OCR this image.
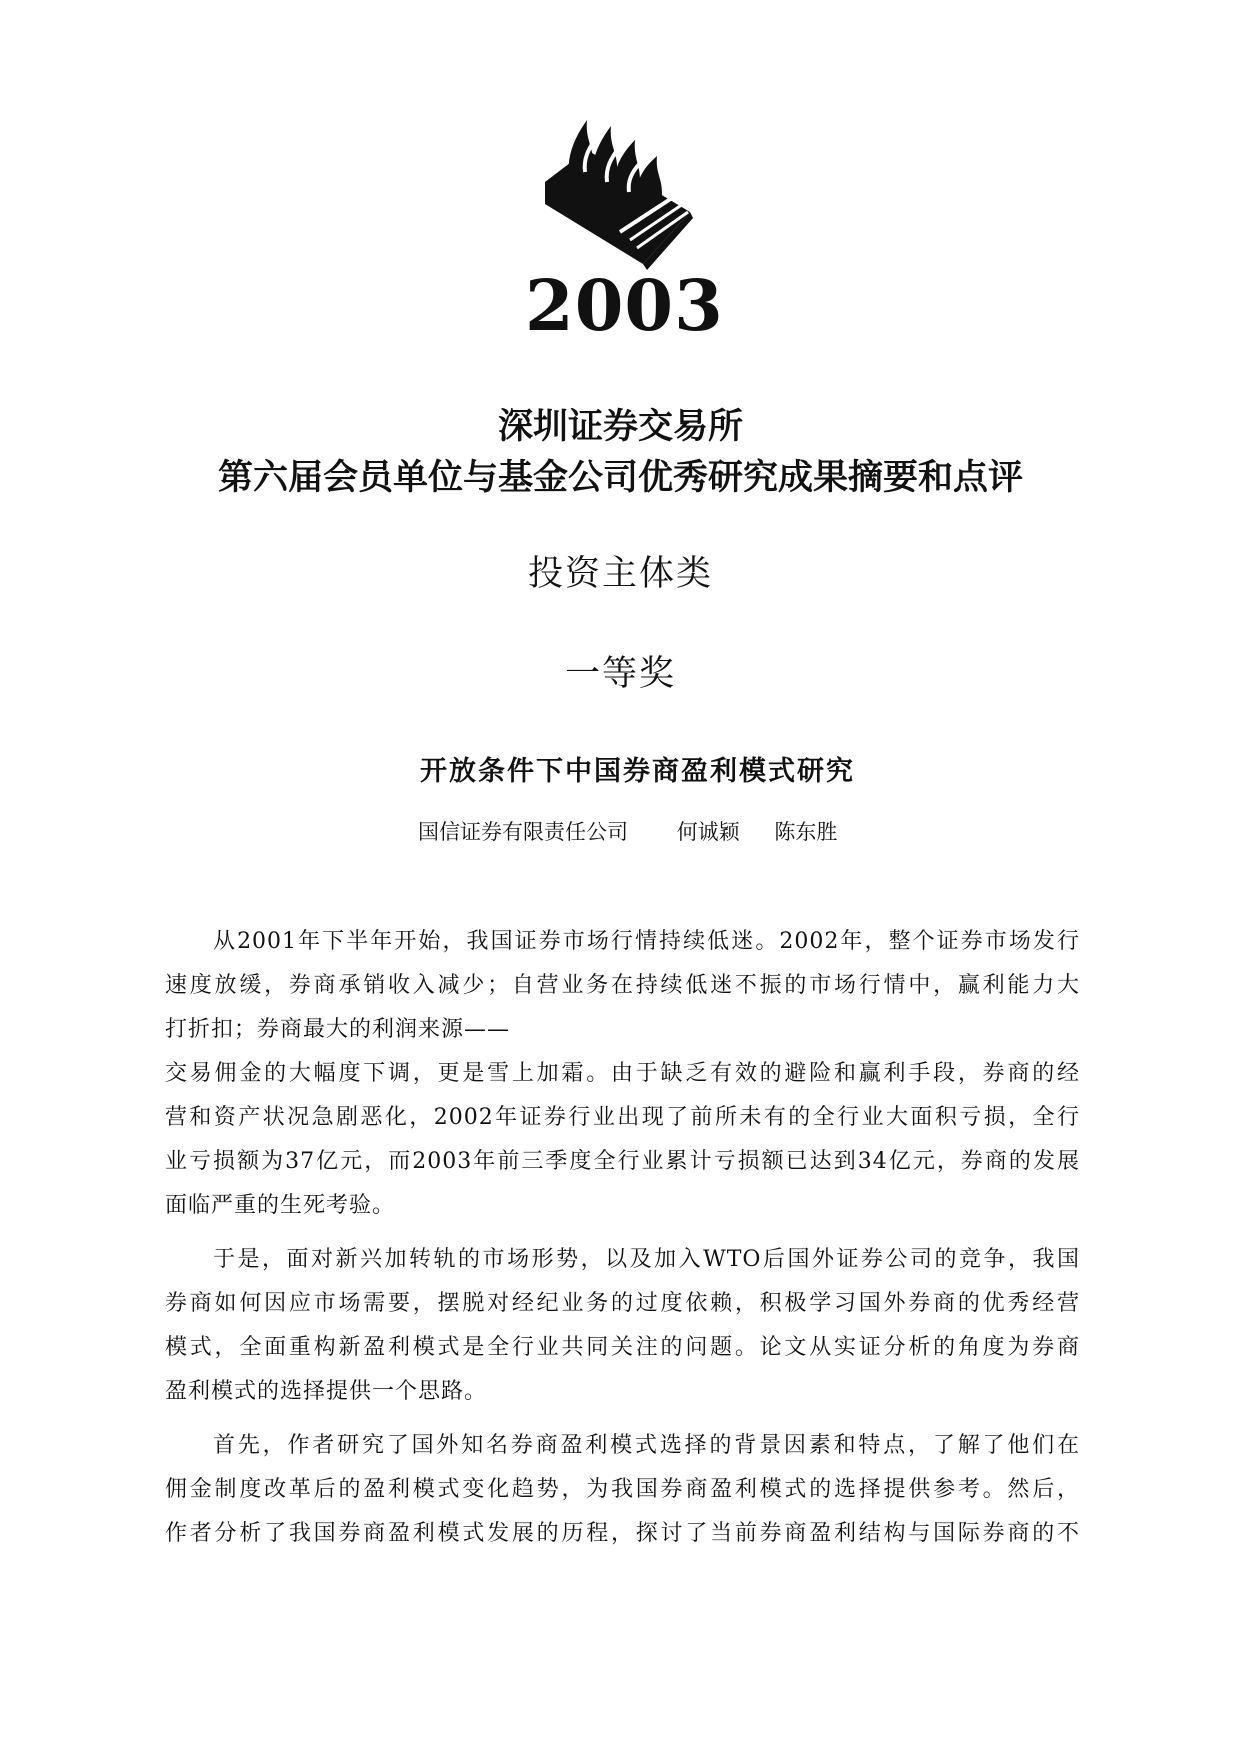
2003
深圳证券交易所
第六届会员单位与基金公司优秀研究成果摘要和点评
投资主体类
一等奖
开放条件下中国券商盈利模式研究
国信证券有限责任公司 何诚颖 陈东胜
从2001年下半年开始，我国证券市场行情持续低迷。2002年，整个证券市场发行
速度放缓，券商承销收入减少；自营业务在持续低迷不振的市场行情中，赢利能力大
打折扣；券商最大的利润来源——
交易佣金的大幅度下调，更是雪上加霜。由于缺乏有效的避险和赢利手段，券商的经
营和资产状况急剧恶化，2002年证券行业出现了前所未有的全行业大面积亏损，全行
业亏损额为37亿元，而2003年前三季度全行业累计亏损额已达到34亿元，券商的发展
面临严重的生死考验。
于是，面对新兴加转轨的市场形势，以及加入WTO后国外证券公司的竞争，我国
券商如何因应市场需要，摆脱对经纪业务的过度依赖，积极学习国外券商的优秀经营
模式，全面重构新盈利模式是全行业共同关注的问题。论文从实证分析的角度为券商
盈利模式的选择提供一个思路。
首先，作者研究了国外知名券商盈利模式选择的背景因素和特点，了解了他们在
佣金制度改革后的盈利模式变化趋势，为我国券商盈利模式的选择提供参考。然后，
作者分析了我国券商盈利模式发展的历程，探讨了当前券商盈利结构与国际券商的不
